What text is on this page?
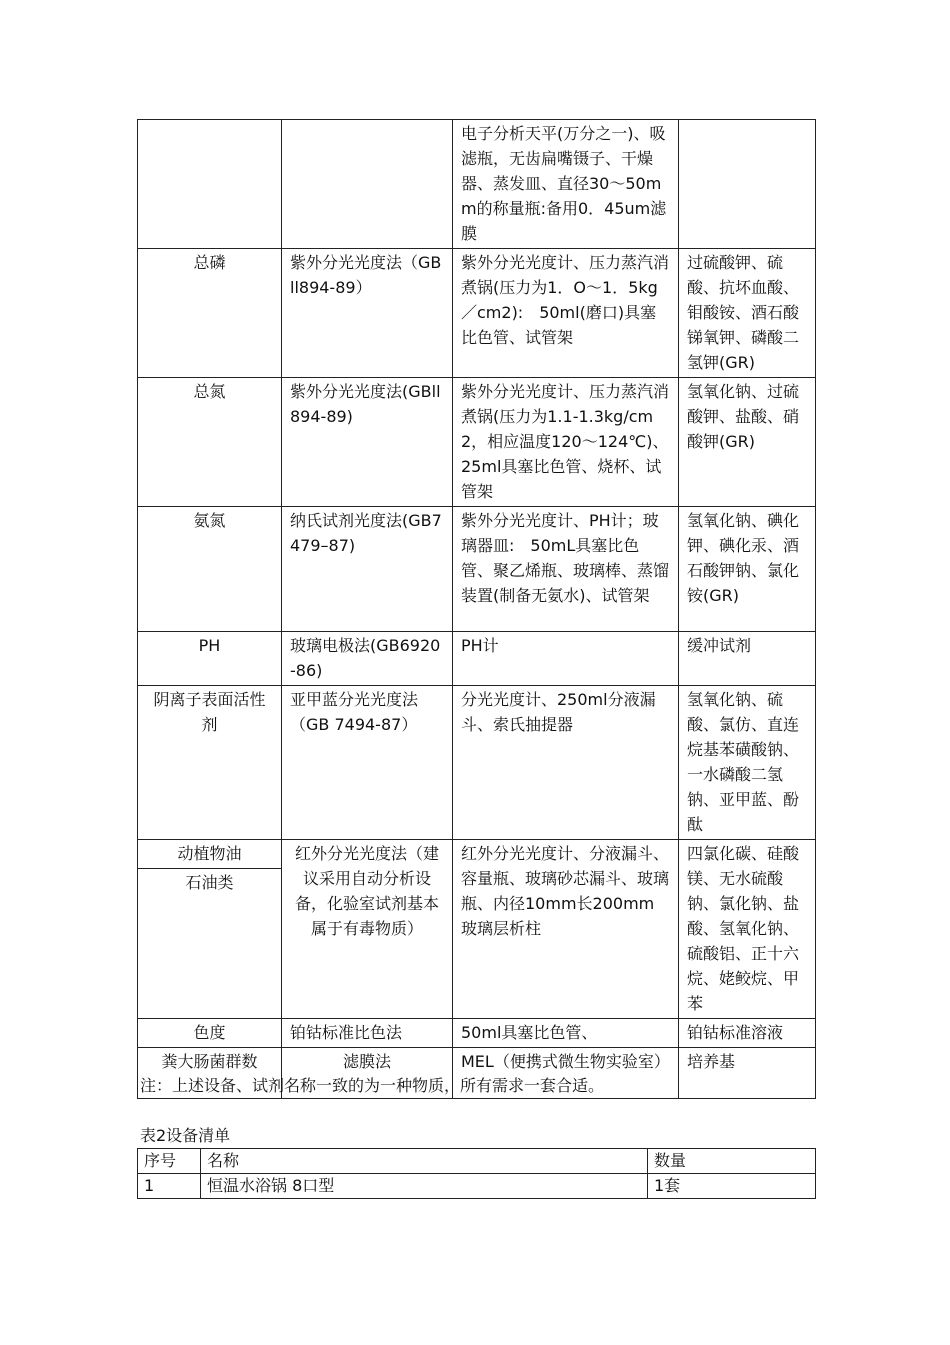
		电子分析天平(万分之一)、吸滤瓶，无齿扁嘴镊子、干燥器、蒸发皿、直径30～50mm的称量瓶:备用0．45um滤膜	
总磷	紫外分光光度法（GBll894-89）	紫外分光光度计、压力蒸汽消煮锅(压力为1．O～1．5kg／cm2):　50ml(磨口)具塞比色管、试管架	过硫酸钾、硫酸、抗坏血酸、钼酸铵、酒石酸锑氧钾、磷酸二氢钾(GR)
总氮	紫外分光光度法(GBll894-89)	紫外分光光度计、压力蒸汽消煮锅(压力为1.1-1.3kg/cm2，相应温度120～124℃)、25ml具塞比色管、烧杯、试管架	氢氧化钠、过硫酸钾、盐酸、硝酸钾(GR)
氨氮	纳氏试剂光度法(GB7479–87)	紫外分光光度计、PH计；玻璃器皿:　50mL具塞比色管、聚乙烯瓶、玻璃棒、蒸馏装置(制备无氨水)、试管架	氢氧化钠、碘化钾、碘化汞、酒石酸钾钠、氯化铵(GR)
PH	玻璃电极法(GB6920-86)	PH计	缓冲试剂
阴离子表面活性剂	亚甲蓝分光光度法（GB 7494-87）	分光光度计、250ml分液漏斗、索氏抽提器	氢氧化钠、硫酸、氯仿、直连烷基苯磺酸钠、一水磷酸二氢钠、亚甲蓝、酚酞
动植物油	红外分光光度法（建议采用自动分析设备，化验室试剂基本属于有毒物质）	红外分光光度计、分液漏斗、容量瓶、玻璃砂芯漏斗、玻璃瓶、内径10mm长200mm玻璃层析柱	四氯化碳、硅酸镁、无水硫酸钠、氯化钠、盐酸、氢氧化钠、硫酸铝、正十六烷、姥鲛烷、甲苯
石油类			
色度	铂钴标准比色法	50ml具塞比色管、	铂钴标准溶液
粪大肠菌群数	滤膜法	MEL（便携式微生物实验室）	培养基
注：上述设备、试剂名称一致的为一种物质，所有需求一套合适。
表2设备清单
序号	名称	数量
1	恒温水浴锅 8口型	1套
